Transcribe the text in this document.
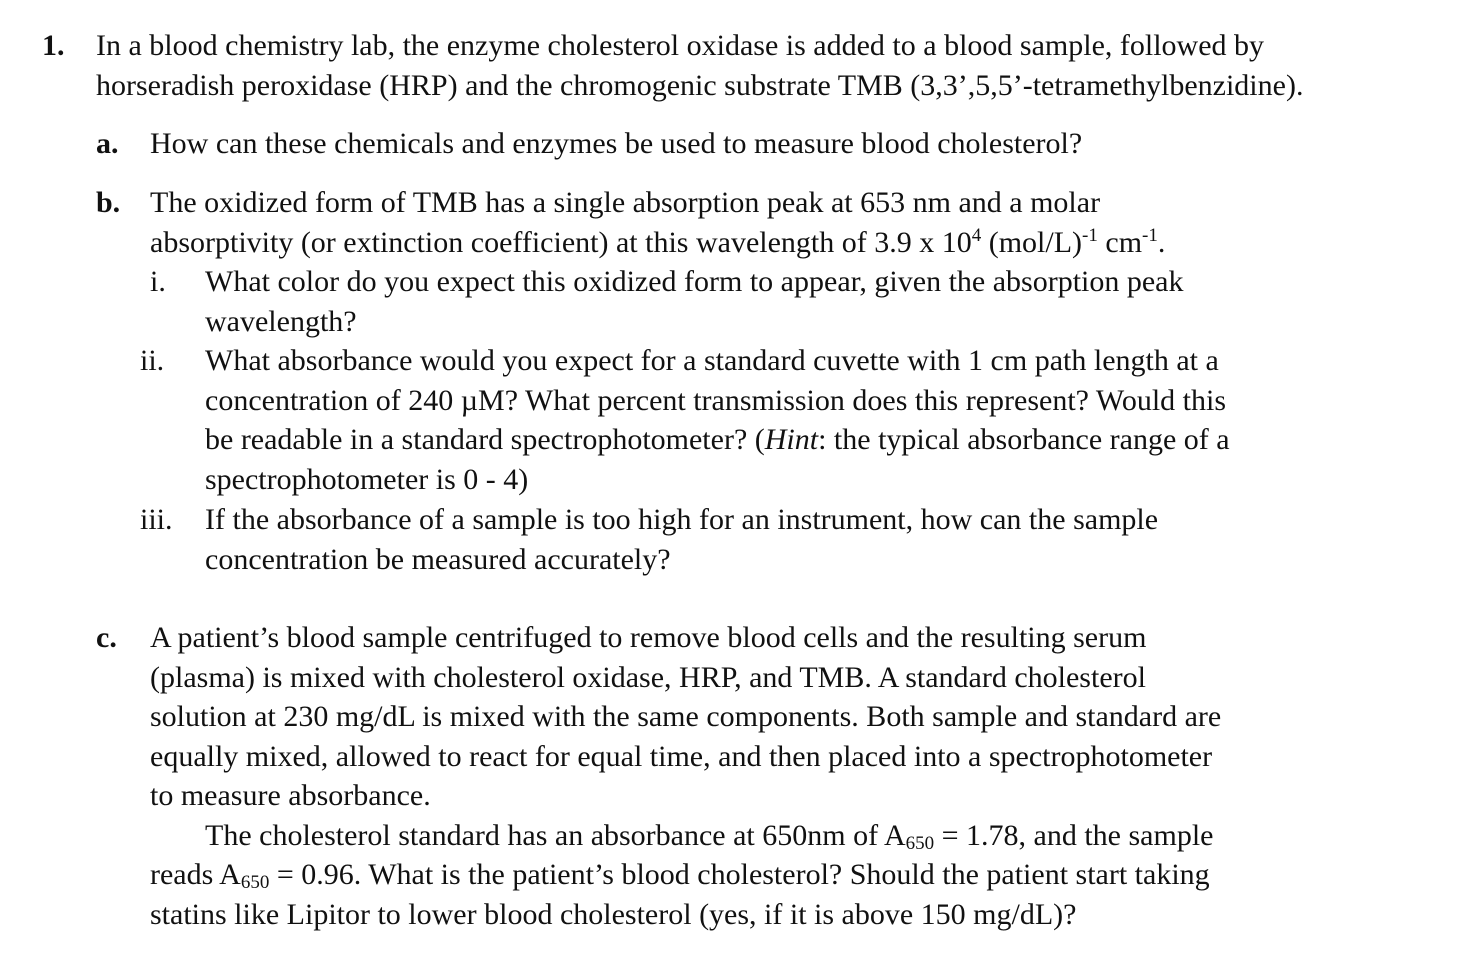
1. In a blood chemistry lab, the enzyme cholesterol oxidase is added to a blood sample, followed by
horseradish peroxidase (HRP) and the chromogenic substrate TMB (3,3’,5,5’-tetramethylbenzidine).
a. How can these chemicals and enzymes be used to measure blood cholesterol?
b. The oxidized form of TMB has a single absorption peak at 653 nm and a molar
absorptivity (or extinction coefficient) at this wavelength of 3.9 x $10^4$ $(mol/L)^{-1}$ $cm^{-1}$.
i. What color do you expect this oxidized form to appear, given the absorption peak
wavelength?
ii. What absorbance would you expect for a standard cuvette with 1 cm path length at a
concentration of 240 µM? What percent transmission does this represent? Would this
be readable in a standard spectrophotometer? (Hint: the typical absorbance range of a
spectrophotometer is 0 - 4)
iii. If the absorbance of a sample is too high for an instrument, how can the sample
concentration be measured accurately?
c. A patient’s blood sample centrifuged to remove blood cells and the resulting serum
(plasma) is mixed with cholesterol oxidase, HRP, and TMB. A standard cholesterol
solution at 230 mg/dL is mixed with the same components. Both sample and standard are
equally mixed, allowed to react for equal time, and then placed into a spectrophotometer
to measure absorbance.
The cholesterol standard has an absorbance at 650nm of $A_{650} = 1.78$, and the sample
reads $A_{650} = 0.96$. What is the patient’s blood cholesterol? Should the patient start taking
statins like Lipitor to lower blood cholesterol (yes, if it is above 150 mg/dL)?
